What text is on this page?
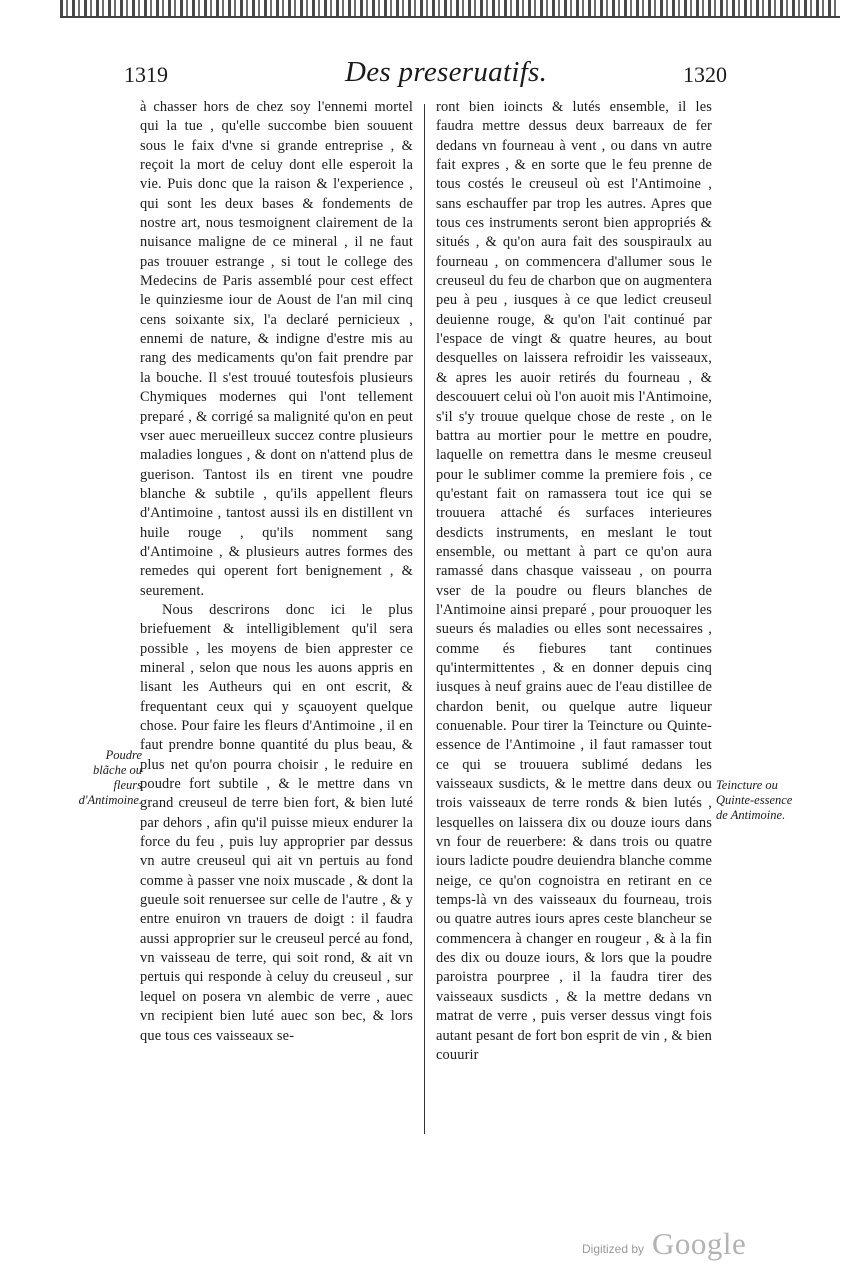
1319	Des preseruatifs.	1320
Poudre blãche ou fleurs d'Antimoine.

à chasser hors de chez soy l'ennemi mortel qui la tue , qu'elle succombe bien souuent sous le faix d'vne si grande entreprise , & reçoit la mort de celuy dont elle esperoit la vie. Puis donc que la raison & l'experience , qui sont les deux bases & fondements de nostre art, nous tesmoignent clairement de la nuisance maligne de ce mineral , il ne faut pas trouuer estrange , si tout le college des Medecins de Paris assemblé pour cest effect le quinziesme iour de Aoust de l'an mil cinq cens soixante six, l'a declaré pernicieux , ennemi de nature, & indigne d'estre mis au rang des medicaments qu'on fait prendre par la bouche. Il s'est trouué toutesfois plusieurs Chymiques modernes qui l'ont tellement preparé , & corrigé sa malignité qu'on en peut vser auec merueilleux succez contre plusieurs maladies longues , & dont on n'attend plus de guerison. Tantost ils en tirent vne poudre blanche & subtile , qu'ils appellent fleurs d'Antimoine , tantost aussi ils en distillent vn huile rouge , qu'ils nomment sang d'Antimoine , & plusieurs autres formes des remedes qui operent fort benignement , & seurement.

Nous descrirons donc ici le plus briefuement & intelligiblement qu'il sera possible , les moyens de bien apprester ce mineral , selon que nous les auons appris en lisant les Autheurs qui en ont escrit, & frequentant ceux qui y sçauoyent quelque chose. Pour faire les fleurs d'Antimoine , il en faut prendre bonne quantité du plus beau, & plus net qu'on pourra choisir , le reduire en poudre fort subtile , & le mettre dans vn grand creuseul de terre bien fort, & bien luté par dehors , afin qu'il puisse mieux endurer la force du feu , puis luy approprier par dessus vn autre creuseul qui ait vn pertuis au fond comme à passer vne noix muscade , & dont la gueule soit renuersee sur celle de l'autre , & y entre enuiron vn trauers de doigt : il faudra aussi approprier sur le creuseul percé au fond, vn vaisseau de terre, qui soit rond, & ait vn pertuis qui responde à celuy du creuseul , sur lequel on posera vn alembic de verre , auec vn recipient bien luté auec son bec, & lors que tous ces vaisseaux se-

ront bien ioincts & lutés ensemble, il les faudra mettre dessus deux barreaux de fer dedans vn fourneau à vent , ou dans vn autre fait expres , & en sorte que le feu prenne de tous costés le creuseul où est l'Antimoine , sans eschauffer par trop les autres. Apres que tous ces instruments seront bien appropriés & situés , & qu'on aura fait des souspiraulx au fourneau , on commencera d'allumer sous le creuseul du feu de charbon que on augmentera peu à peu , iusques à ce que ledict creuseul deuienne rouge, & qu'on l'ait continué par l'espace de vingt & quatre heures, au bout desquelles on laissera refroidir les vaisseaux, & apres les auoir retirés du fourneau , & descouuert celui où l'on auoit mis l'Antimoine, s'il s'y trouue quelque chose de reste , on le battra au mortier pour le mettre en poudre, laquelle on remettra dans le mesme creuseul pour le sublimer comme la premiere fois , ce qu'estant fait on ramassera tout ice qui se trouuera attaché és surfaces interieures desdicts instruments, en meslant le tout ensemble, ou mettant à part ce qu'on aura ramassé dans chasque vaisseau , on pourra vser de la poudre ou fleurs blanches de l'Antimoine ainsi preparé , pour prouoquer les sueurs és maladies ou elles sont necessaires , comme és fiebures tant continues qu'intermittentes , & en donner depuis cinq iusques à neuf grains auec de l'eau distillee de chardon benit, ou quelque autre liqueur conuenable. Pour tirer la Teincture ou Quinte-essence de l'Antimoine , il faut ramasser tout ce qui se trouuera sublimé dedans les vaisseaux susdicts, & le mettre dans deux ou trois vaisseaux de terre ronds & bien lutés , lesquelles on laissera dix ou douze iours dans vn four de reuerbere: & dans trois ou quatre iours ladicte poudre deuiendra blanche comme neige, ce qu'on cognoistra en retirant en ce temps-là vn des vaisseaux du fourneau, trois ou quatre autres iours apres ceste blancheur se commencera à changer en rougeur , & à la fin des dix ou douze iours, & lors que la poudre paroistra pourpree , il la faudra tirer des vaisseaux susdicts , & la mettre dedans vn matrat de verre , puis verser dessus vingt fois autant pesant de fort bon esprit de vin , & bien couurir

Teincture ou Quinte-essence de Antimoine.
Digitized by Google
